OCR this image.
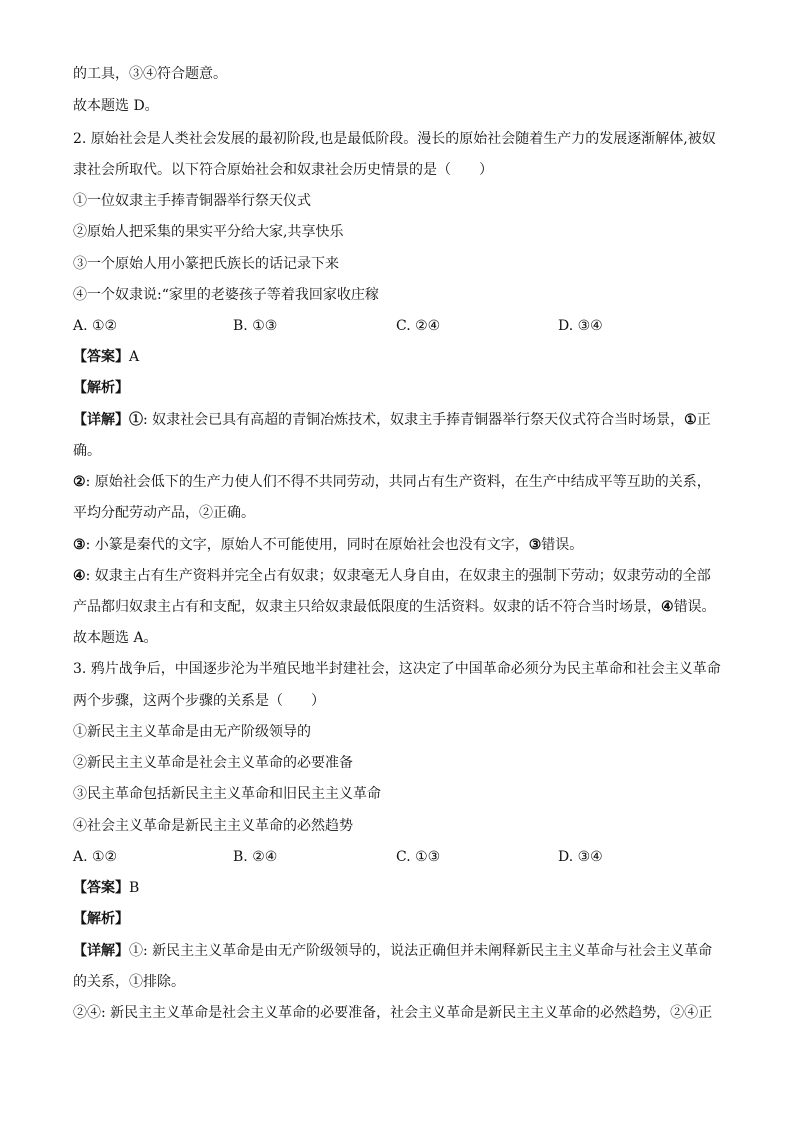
的工具，③④符合题意。
故本题选 D。
2. 原始社会是人类社会发展的最初阶段,也是最低阶段。漫长的原始社会随着生产力的发展逐渐解体,被奴
隶社会所取代。以下符合原始社会和奴隶社会历史情景的是（　　）
①一位奴隶主手捧青铜器举行祭天仪式
②原始人把采集的果实平分给大家,共享快乐
③一个原始人用小篆把氏族长的话记录下来
④一个奴隶说:“家里的老婆孩子等着我回家收庄稼
A. ①②	B. ①③	C. ②④	D. ③④
【答案】A
【解析】
【详解】①: 奴隶社会已具有高超的青铜冶炼技术，奴隶主手捧青铜器举行祭天仪式符合当时场景，①正
确。
②: 原始社会低下的生产力使人们不得不共同劳动，共同占有生产资料，在生产中结成平等互助的关系，
平均分配劳动产品，②正确。
③: 小篆是秦代的文字，原始人不可能使用，同时在原始社会也没有文字，③错误。
④: 奴隶主占有生产资料并完全占有奴隶；奴隶毫无人身自由，在奴隶主的强制下劳动；奴隶劳动的全部
产品都归奴隶主占有和支配，奴隶主只给奴隶最低限度的生活资料。奴隶的话不符合当时场景，④错误。
故本题选 A。
3. 鸦片战争后，中国逐步沦为半殖民地半封建社会，这决定了中国革命必须分为民主革命和社会主义革命
两个步骤，这两个步骤的关系是（　　）
①新民主主义革命是由无产阶级领导的
②新民主主义革命是社会主义革命的必要准备
③民主革命包括新民主主义革命和旧民主主义革命
④社会主义革命是新民主主义革命的必然趋势
A. ①②	B. ②④	C. ①③	D. ③④
【答案】B
【解析】
【详解】①: 新民主主义革命是由无产阶级领导的，说法正确但并未阐释新民主主义革命与社会主义革命
的关系，①排除。
②④: 新民主主义革命是社会主义革命的必要准备，社会主义革命是新民主主义革命的必然趋势，②④正
